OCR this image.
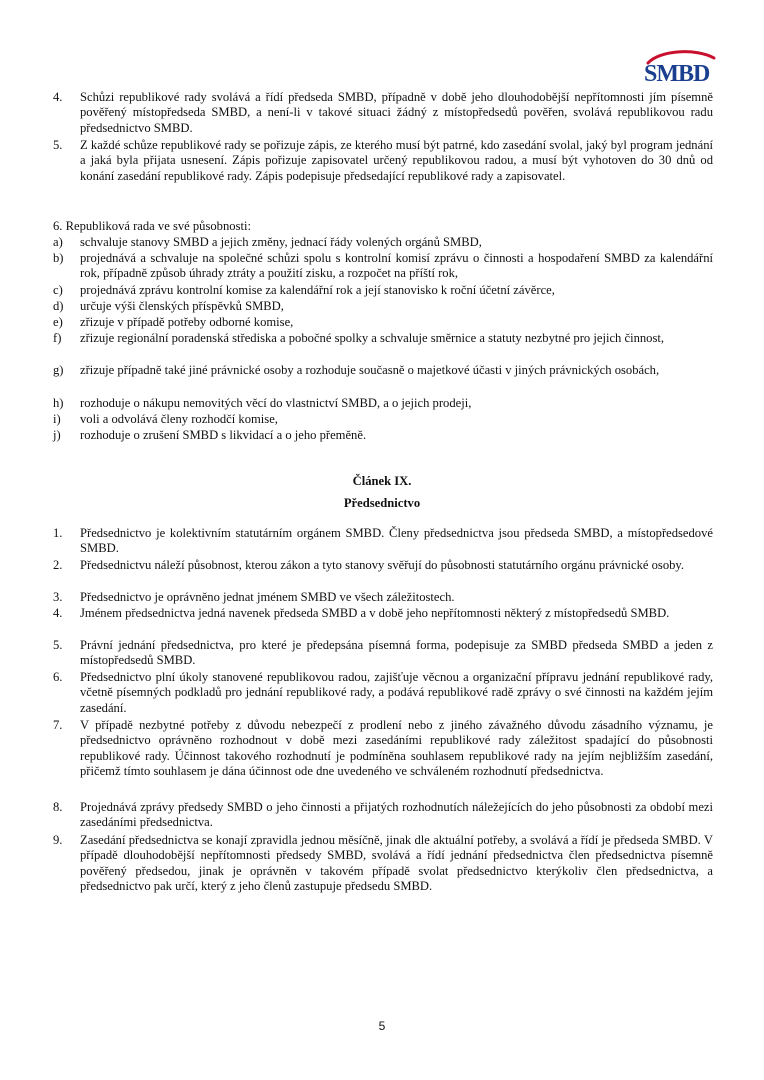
SMBD
4. Schůzi republikové rady svolává a řídí předseda SMBD, případně v době jeho dlouhodobější nepřítomnosti jím písemně pověřený místopředseda SMBD, a není-li v takové situaci žádný z místopředsedů pověřen, svolává republikovou radu předsednictvo SMBD.
5. Z každé schůze republikové rady se pořizuje zápis, ze kterého musí být patrné, kdo zasedání svolal, jaký byl program jednání a jaká byla přijata usnesení. Zápis pořizuje zapisovatel určený republikovou radou, a musí být vyhotoven do 30 dnů od konání zasedání republikové rady. Zápis podepisuje předsedající republikové rady a zapisovatel.
6. Republiková rada ve své působnosti:
a) schvaluje stanovy SMBD a jejich změny, jednací řády volených orgánů SMBD,
b) projednává a schvaluje na společné schůzi spolu s kontrolní komisí zprávu o činnosti a hospodaření SMBD za kalendářní rok, případně způsob úhrady ztráty a použití zisku, a rozpočet na příští rok,
c) projednává zprávu kontrolní komise za kalendářní rok a její stanovisko k roční účetní závěrce,
d) určuje výši členských příspěvků SMBD,
e) zřizuje v případě potřeby odborné komise,
f) zřizuje regionální poradenská střediska a pobočné spolky a schvaluje směrnice a statuty nezbytné pro jejich činnost,
g) zřizuje případně také jiné právnické osoby a rozhoduje současně o majetkové účasti v jiných právnických osobách,
h) rozhoduje o nákupu nemovitých věcí do vlastnictví SMBD, a o jejich prodeji,
i) voli a odvolává členy rozhodčí komise,
j) rozhoduje o zrušení SMBD s likvidací a o jeho přeměně.
Článek IX.
Předsednictvo
1. Předsednictvo je kolektivním statutárním orgánem SMBD. Členy předsednictva jsou předseda SMBD, a místopředsedové SMBD.
2. Předsednictvu náleží působnost, kterou zákon a tyto stanovy svěřují do působnosti statutárního orgánu právnické osoby.
3. Předsednictvo je oprávněno jednat jménem SMBD ve všech záležitostech.
4. Jménem předsednictva jedná navenek předseda SMBD a v době jeho nepřítomnosti některý z místopředsedů SMBD.
5. Právní jednání předsednictva, pro které je předepsána písemná forma, podepisuje za SMBD předseda SMBD a jeden z místopředsedů SMBD.
6. Předsednictvo plní úkoly stanovené republikovou radou, zajišťuje věcnou a organizační přípravu jednání republikové rady, včetně písemných podkladů pro jednání republikové rady, a podává republikové radě zprávy o své činnosti na každém jejím zasedání.
7. V případě nezbytné potřeby z důvodu nebezpečí z prodlení nebo z jiného závažného důvodu zásadního významu, je předsednictvo oprávněno rozhodnout v době mezi zasedáními republikové rady záležitost spadající do působnosti republikové rady. Účinnost takového rozhodnutí je podmíněna souhlasem republikové rady na jejím nejbližším zasedání, přičemž tímto souhlasem je dána účinnost ode dne uvedeného ve schváleném rozhodnutí předsednictva.
8. Projednává zprávy předsedy SMBD o jeho činnosti a přijatých rozhodnutích náležejících do jeho působnosti za období mezi zasedáními předsednictva.
9. Zasedání předsednictva se konají zpravidla jednou měsíčně, jinak dle aktuální potřeby, a svolává a řídí je předseda SMBD. V případě dlouhodobější nepřítomnosti předsedy SMBD, svolává a řídí jednání předsednictva člen předsednictva písemně pověřený předsedou, jinak je oprávněn v takovém případě svolat předsednictvo kterýkoliv člen předsednictva, a předsednictvo pak určí, který z jeho členů zastupuje předsedu SMBD.
5
